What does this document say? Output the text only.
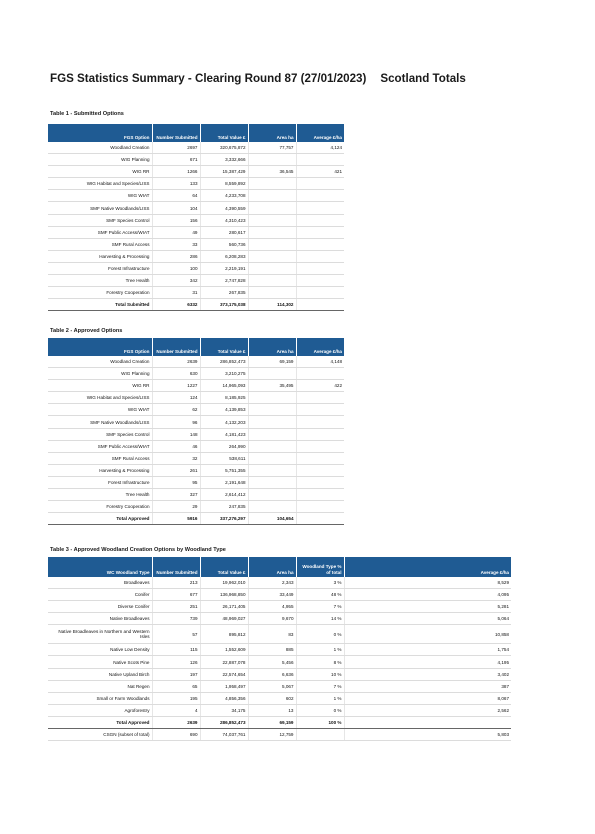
FGS Statistics Summary - Clearing Round 87 (27/01/2023) Scotland Totals
Table 1 - Submitted Options
FGS Option	Number Submitted	Total Value £	Area ha	Average £/ha
Woodland Creation	2697	320,675,872	77,757	4,124
WIG Planning	671	3,332,666		
WIG RR	1266	15,387,429	36,545	421
WIG Habitat and Species/LISS	133	8,559,892		
WIG WIAT	64	4,233,708		
SMF Native Woodlands/LISS	104	4,390,559		
SMF Species Control	156	4,310,423		
SMF Public Access/WIAT	49	280,617		
SMF Rural Access	33	560,736		
Harvesting & Processing	286	6,208,283		
Forest Infrastructure	100	2,219,191		
Tree Health	342	2,747,828		
Forestry Cooperation	31	267,835		
Total Submitted	6332	373,175,038	114,302	
Table 2 - Approved Options
FGS Option	Number Submitted	Total Value £	Area ha	Average £/ha
Woodland Creation	2639	286,852,473	69,159	4,148
WIG Planning	630	3,210,275		
WIG RR	1227	14,965,093	35,495	422
WIG Habitat and Species/LISS	124	8,185,925		
WIG WIAT	62	4,139,853		
SMF Native Woodlands/LISS	96	4,132,203		
SMF Species Control	148	4,181,423		
SMF Public Access/WIAT	46	264,990		
SMF Rural Access	32	538,611		
Harvesting & Processing	261	5,751,355		
Forest Infrastructure	95	2,191,648		
Tree Health	327	2,614,412		
Forestry Cooperation	29	247,835		
Total Approved	5916	337,276,297	104,654	
Table 3 - Approved Woodland Creation Options by Woodland Type
WC Woodland Type	Number Submitted	Total Value £	Area ha	Woodland Type % of total	Average £/ha
Broadleaves	213	19,962,010	2,343	3 %	8,529
Conifer	677	136,968,850	33,449	48 %	4,095
Diverse Conifer	251	26,171,405	4,955	7 %	5,281
Native Broadleaves	739	48,969,027	9,670	14 %	5,064
Native Broadleaves in Northern and Western Isles	57	895,812	83	0 %	10,858
Native Low Density	115	1,552,609	885	1 %	1,754
Native Scots Pine	126	22,887,078	5,456	8 %	4,195
Native Upland Birch	197	22,574,654	6,636	10 %	3,402
Nat Regen	65	1,958,497	5,067	7 %	387
Small or Farm Woodlands	195	4,856,356	602	1 %	8,067
Agroforestry	4	34,175	13	0 %	2,562
Total Approved	2639	286,852,473	69,159	100 %	
CSGN (subset of total)	690	74,037,761	12,759		5,803
